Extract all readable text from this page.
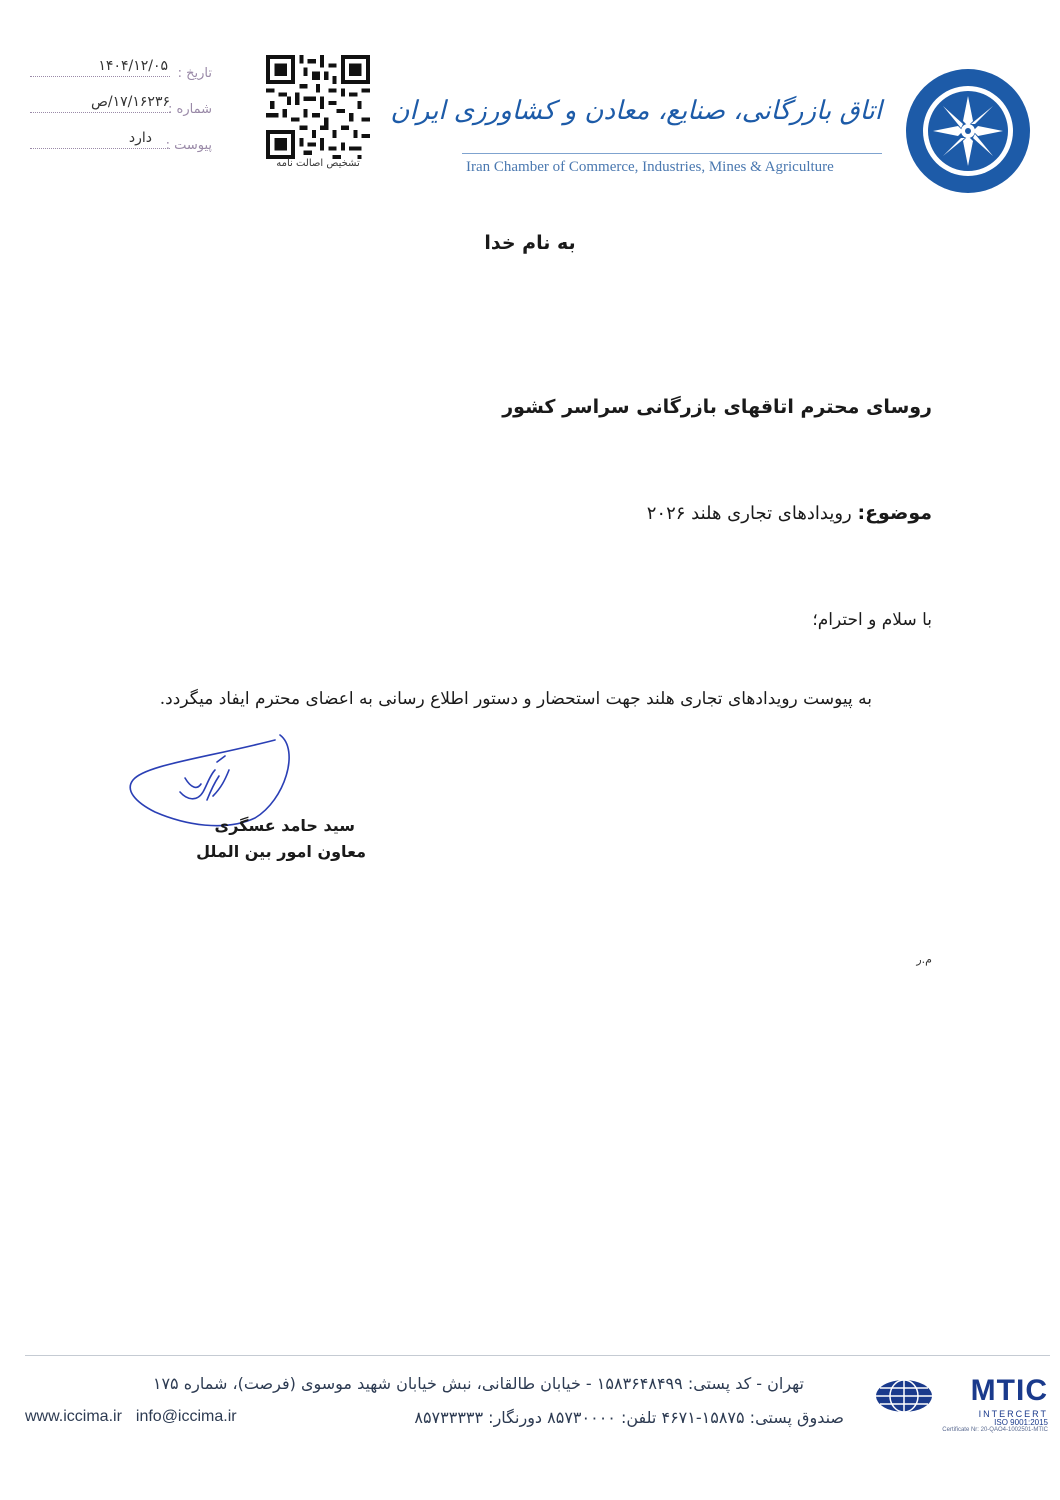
تاریخ :
۱۴۰۴/۱۲/۰۵
شماره :
۱۷/۱۶۲۳۶/ص
پیوست :
دارد
تشخیص اصالت نامه
اتاق بازرگانی، صنایع، معادن و کشاورزی ایران
Iran Chamber of Commerce, Industries, Mines & Agriculture
به نام خدا
روسای محترم اتاقهای بازرگانی سراسر کشور
موضوع: رویدادهای تجاری هلند ۲۰۲۶
با سلام و احترام؛
به پیوست رویدادهای تجاری هلند جهت استحضار و دستور اطلاع رسانی به اعضای محترم ایفاد میگردد.
سید حامد عسگری
معاون امور بین الملل
م.ر
تهران - کد پستی: ۱۵۸۳۶۴۸۴۹۹ - خیابان طالقانی، نبش خیابان شهید موسوی (فرصت)، شماره ۱۷۵
صندوق پستی: ۱۵۸۷۵-۴۶۷۱ تلفن: ۸۵۷۳۰۰۰۰ دورنگار: ۸۵۷۳۳۳۳۳
www.iccima.ir info@iccima.ir
MTIC
INTERCERT
ISO 9001:2015
Certificate Nr: 20-QAO4-1002501-MTIC
